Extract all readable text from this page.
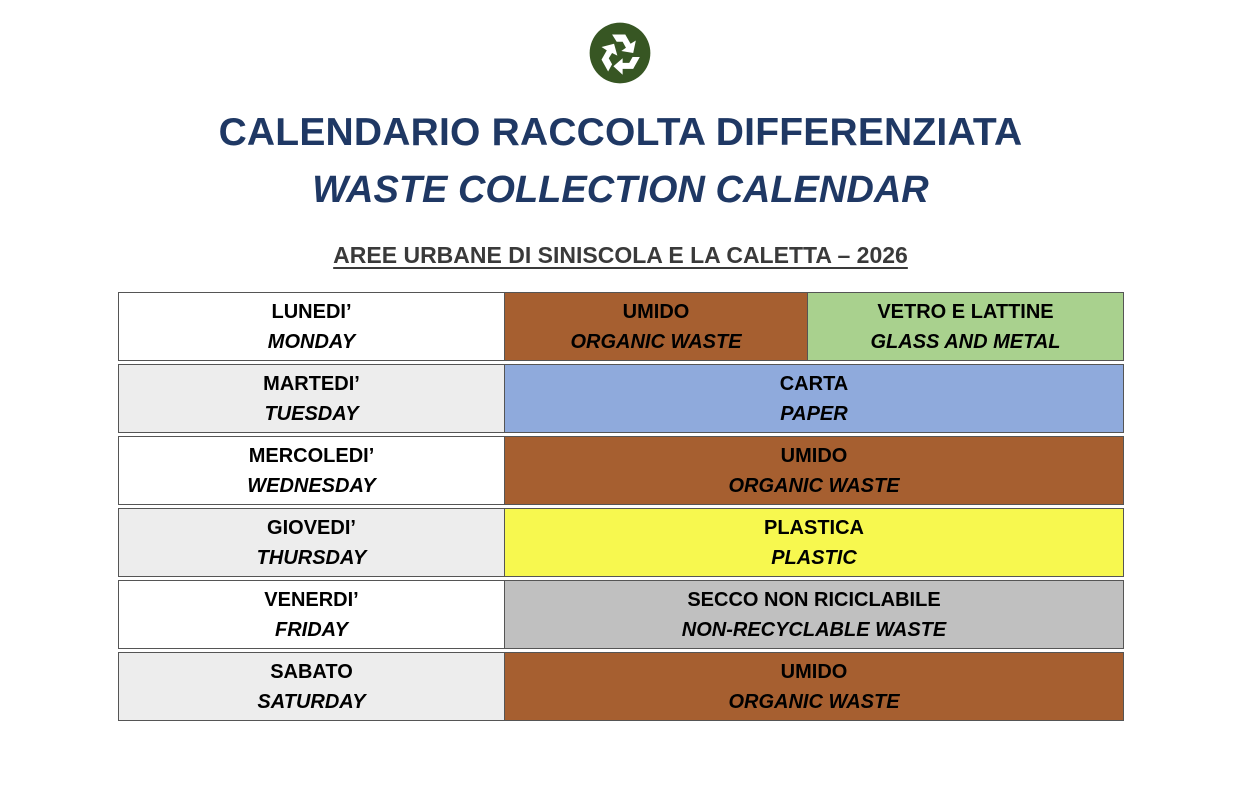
CALENDARIO RACCOLTA DIFFERENZIATA
WASTE COLLECTION CALENDAR
AREE URBANE DI SINISCOLA E LA CALETTA – 2026
LUNEDI’
MONDAY
UMIDO
ORGANIC WASTE
VETRO E LATTINE
GLASS AND METAL
MARTEDI’
TUESDAY
CARTA
PAPER
MERCOLEDI’
WEDNESDAY
UMIDO
ORGANIC WASTE
GIOVEDI’
THURSDAY
PLASTICA
PLASTIC
VENERDI’
FRIDAY
SECCO NON RICICLABILE
NON-RECYCLABLE WASTE
SABATO
SATURDAY
UMIDO
ORGANIC WASTE
